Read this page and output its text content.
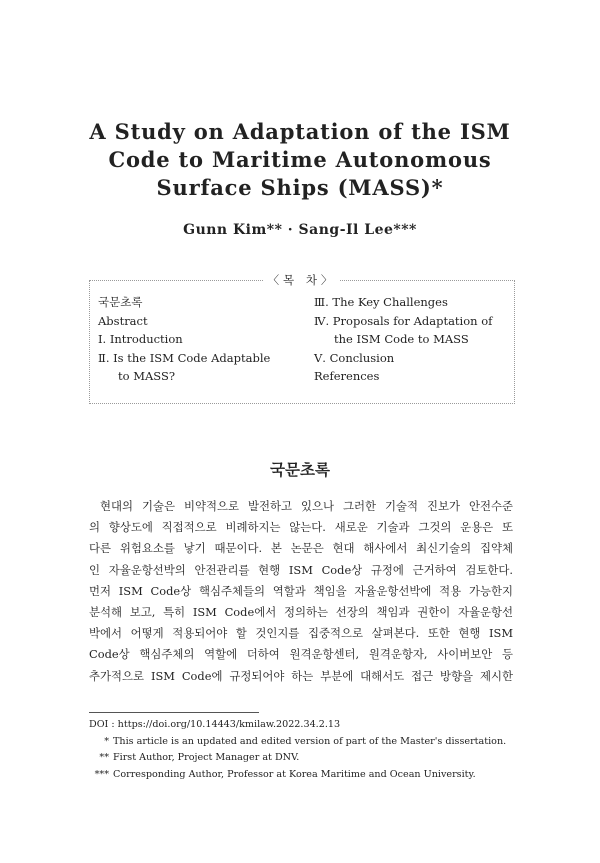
A Study on Adaptation of the ISM
Code to Maritime Autonomous
Surface Ships (MASS)*
Gunn Kim** · Sang-Il Lee***
〈목 차〉
국문초록
Abstract
Ⅰ. Introduction
Ⅱ. Is the ISM Code Adaptable
to MASS?
Ⅲ. The Key Challenges
Ⅳ. Proposals for Adaptation of
the ISM Code to MASS
Ⅴ. Conclusion
References
국문초록
현대의 기술은 비약적으로 발전하고 있으나 그러한 기술적 진보가 안전수준
의 향상도에 직접적으로 비례하지는 않는다. 새로운 기술과 그것의 운용은 또
다른 위험요소를 낳기 때문이다. 본 논문은 현대 해사에서 최신기술의 집약체
인 자율운항선박의 안전관리를 현행 ISM Code상 규정에 근거하여 검토한다.
먼저 ISM Code상 핵심주체들의 역할과 책임을 자율운항선박에 적용 가능한지
분석해 보고, 특히 ISM Code에서 정의하는 선장의 책임과 권한이 자율운항선
박에서 어떻게 적용되어야 할 것인지를 집중적으로 살펴본다. 또한 현행 ISM
Code상 핵심주체의 역할에 더하여 원격운항센터, 원격운항자, 사이버보안 등
추가적으로 ISM Code에 규정되어야 하는 부분에 대해서도 접근 방향을 제시한
DOI : https://doi.org/10.14443/kmilaw.2022.34.2.13
* This article is an updated and edited version of part of the Master's dissertation.
** First Author, Project Manager at DNV.
*** Corresponding Author, Professor at Korea Maritime and Ocean University.
